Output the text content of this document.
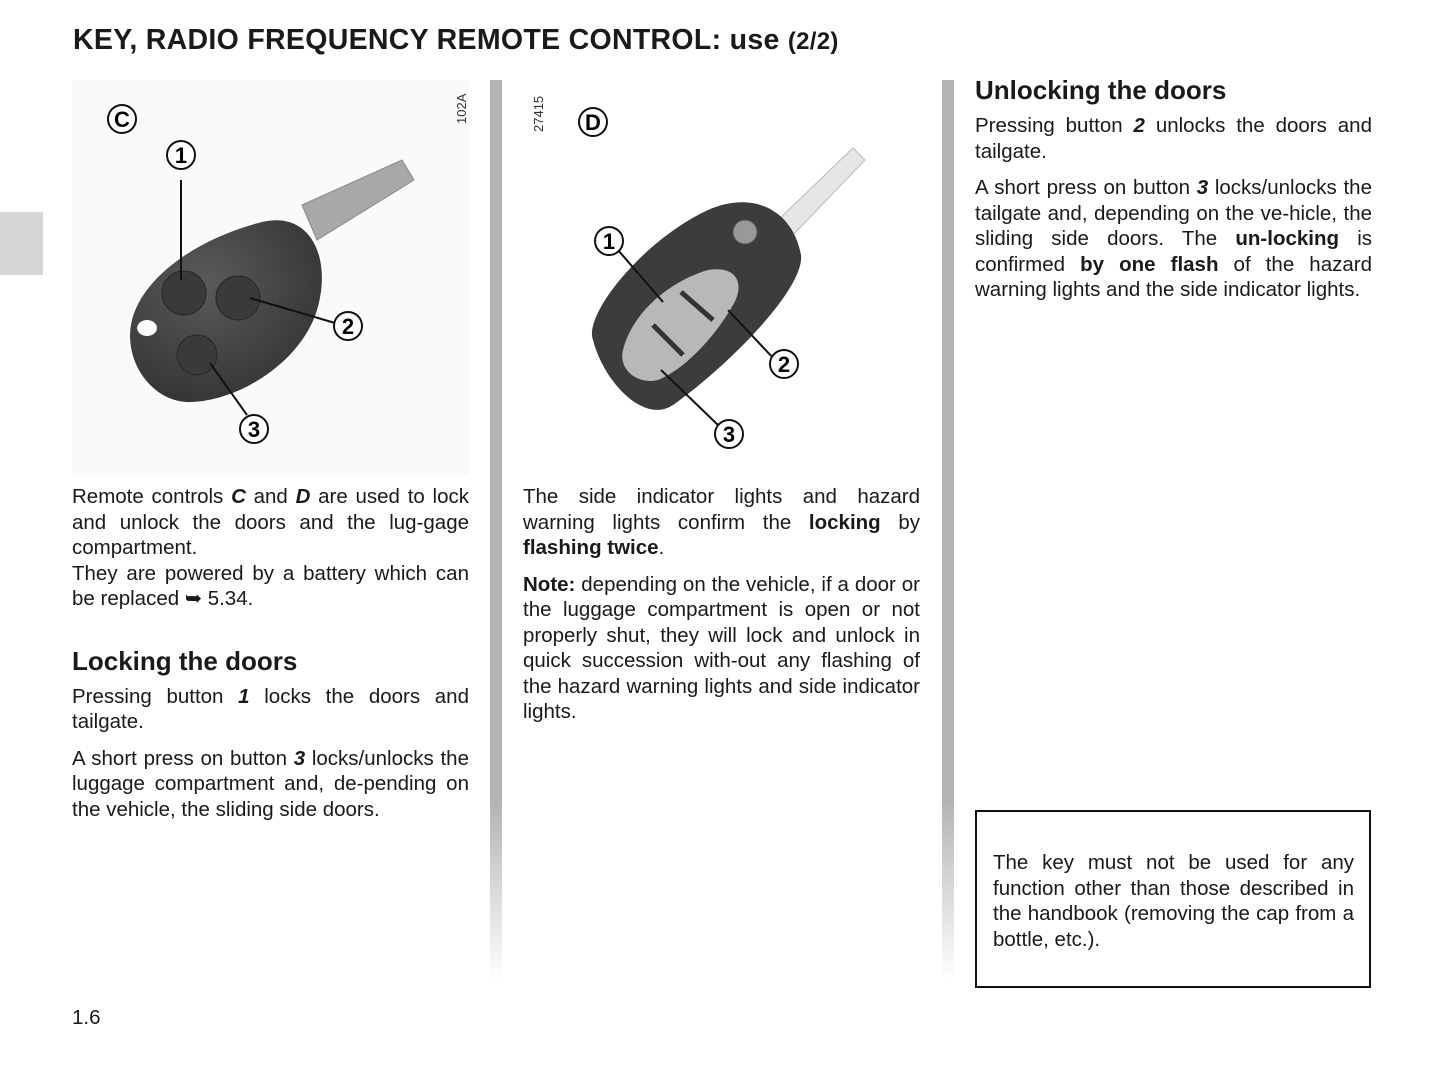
KEY, RADIO FREQUENCY REMOTE CONTROL: use (2/2)
C
1
2
3
102A	D
1
2
3
27415

Remote controls C and D are used to lock and unlock the doors and the lug-gage compartment.

They are powered by a battery which can be replaced ➥ 5.34.

Locking the doors

Pressing button 1 locks the doors and tailgate.

A short press on button 3 locks/unlocks the luggage compartment and, de-pending on the vehicle, the sliding side doors.

The side indicator lights and hazard warning lights confirm the locking by flashing twice.

Note: depending on the vehicle, if a door or the luggage compartment is open or not properly shut, they will lock and unlock in quick succession with-out any flashing of the hazard warning lights and side indicator lights.

Unlocking the doors

Pressing button 2 unlocks the doors and tailgate.

A short press on button 3 locks/unlocks the tailgate and, depending on the ve-hicle, the sliding side doors. The un-locking is confirmed by one flash of the hazard warning lights and the side indicator lights.

The key must not be used for any function other than those described in the handbook (removing the cap from a bottle, etc.).

1.6
